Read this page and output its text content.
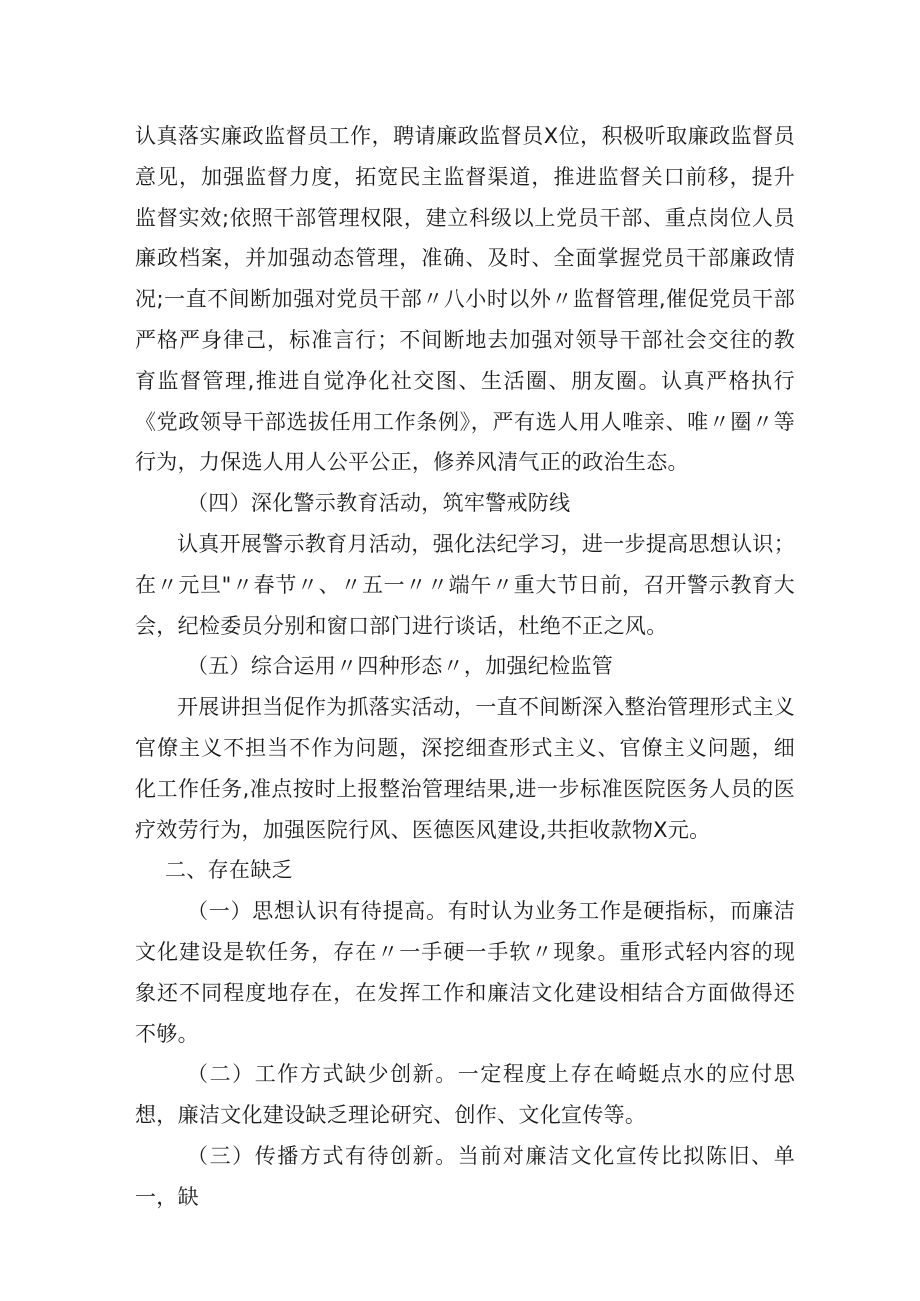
认真落实廉政监督员工作，聘请廉政监督员X位，积极听取廉政监督员意见，加强监督力度，拓宽民主监督渠道，推进监督关口前移，提升监督实效;依照干部管理权限，建立科级以上党员干部、重点岗位人员廉政档案，并加强动态管理，准确、及时、全面掌握党员干部廉政情况;一直不间断加强对党员干部〃八小时以外〃监督管理,催促党员干部严格严身律己，标准言行；不间断地去加强对领导干部社会交往的教育监督管理,推进自觉净化社交图、生活圈、朋友圈。认真严格执行《党政领导干部选拔任用工作条例》，严有选人用人唯亲、唯〃圈〃等行为，力保选人用人公平公正，修养风清气正的政治生态。

（四）深化警示教育活动，筑牢警戒防线

认真开展警示教育月活动，强化法纪学习，进一步提高思想认识；在〃元旦"〃春节〃、〃五一〃〃端午〃重大节日前，召开警示教育大会，纪检委员分别和窗口部门进行谈话，杜绝不正之风。

（五）综合运用〃四种形态〃，加强纪检监管

开展讲担当促作为抓落实活动，一直不间断深入整治管理形式主义官僚主义不担当不作为问题，深挖细查形式主义、官僚主义问题，细化工作任务,准点按时上报整治管理结果,进一步标准医院医务人员的医疗效劳行为，加强医院行风、医德医风建设,共拒收款物X元。

二、存在缺乏

（一）思想认识有待提高。有时认为业务工作是硬指标，而廉洁文化建设是软任务，存在〃一手硬一手软〃现象。重形式轻内容的现象还不同程度地存在，在发挥工作和廉洁文化建设相结合方面做得还不够。

（二）工作方式缺少创新。一定程度上存在崎蜓点水的应付思想，廉洁文化建设缺乏理论研究、创作、文化宣传等。

（三）传播方式有待创新。当前对廉洁文化宣传比拟陈旧、单一，缺
